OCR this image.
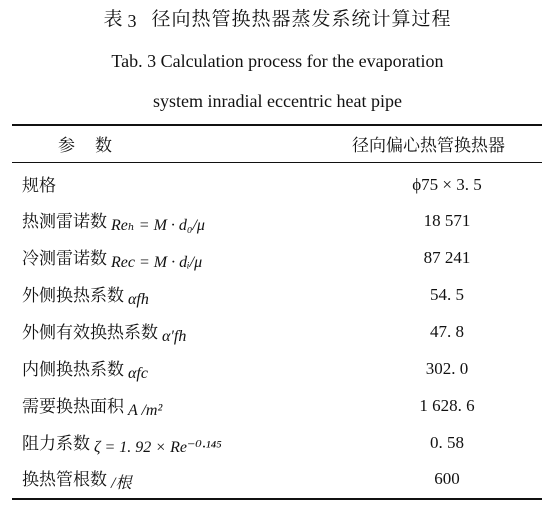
表 3 径向热管换热器蒸发系统计算过程
Tab. 3 Calculation process for the evaporation
system inradial eccentric heat pipe
参数	径向偏心热管换热器
规格	ϕ75 × 3. 5
热测雷诺数 Reₕ = M · d₀/μ	18 571
冷测雷诺数 Rec = M · dᵢ/μ	87 241
外侧换热系数 αfh	54. 5
外侧有效换热系数 α′fh	47. 8
内侧换热系数 αfc	302. 0
需要换热面积 A /m²	1 628. 6
阻力系数 ζ = 1. 92 × Re⁻⁰·¹⁴⁵	0. 58
换热管根数 /根	600
